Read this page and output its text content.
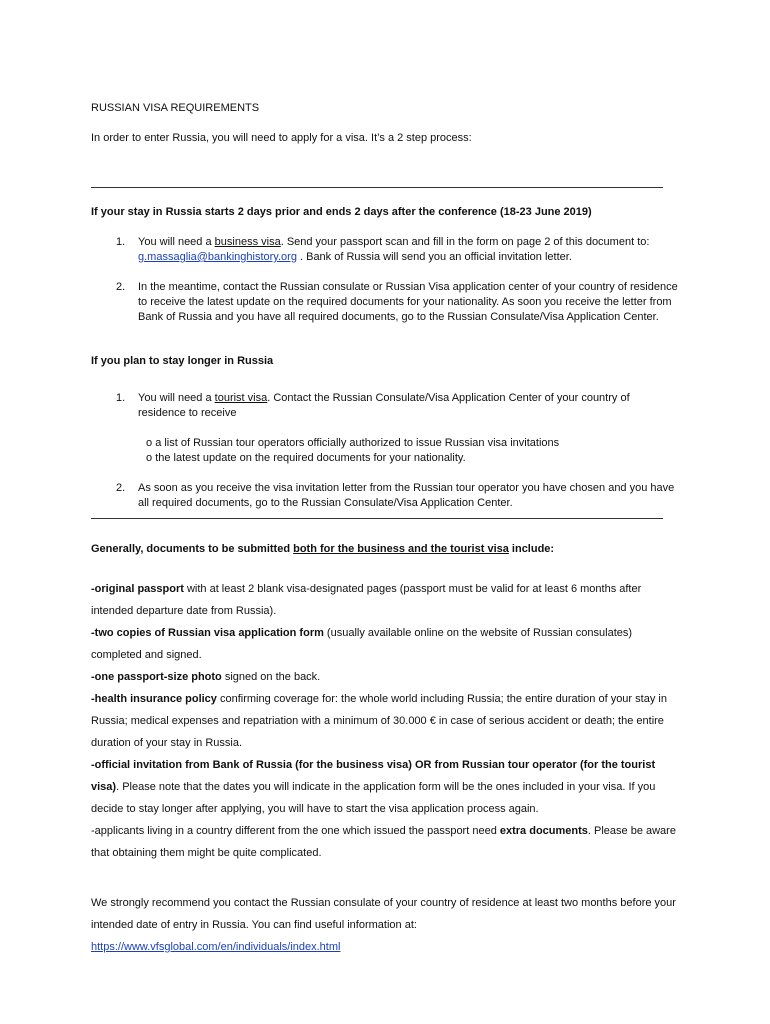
RUSSIAN VISA REQUIREMENTS
In order to enter Russia, you will need to apply for a visa. It’s a 2 step process:
If your stay in Russia starts 2 days prior and ends 2 days after the conference (18-23 June 2019)
1. You will need a business visa. Send your passport scan and fill in the form on page 2 of this document to: g.massaglia@bankinghistory.org . Bank of Russia will send you an official invitation letter.
2. In the meantime, contact the Russian consulate or Russian Visa application center of your country of residence to receive the latest update on the required documents for your nationality. As soon you receive the letter from Bank of Russia and you have all required documents, go to the Russian Consulate/Visa Application Center.
If you plan to stay longer in Russia
1. You will need a tourist visa. Contact the Russian Consulate/Visa Application Center of your country of residence to receive
o a list of Russian tour operators officially authorized to issue Russian visa invitations
o the latest update on the required documents for your nationality.
2. As soon as you receive the visa invitation letter from the Russian tour operator you have chosen and you have all required documents, go to the Russian Consulate/Visa Application Center.
Generally, documents to be submitted both for the business and the tourist visa include:
-original passport with at least 2 blank visa-designated pages (passport must be valid for at least 6 months after intended departure date from Russia).
-two copies of Russian visa application form (usually available online on the website of Russian consulates) completed and signed.
-one passport-size photo signed on the back.
-health insurance policy confirming coverage for: the whole world including Russia; the entire duration of your stay in Russia; medical expenses and repatriation with a minimum of 30.000 € in case of serious accident or death; the entire duration of your stay in Russia.
-official invitation from Bank of Russia (for the business visa) OR from Russian tour operator (for the tourist visa). Please note that the dates you will indicate in the application form will be the ones included in your visa. If you decide to stay longer after applying, you will have to start the visa application process again.
-applicants living in a country different from the one which issued the passport need extra documents. Please be aware that obtaining them might be quite complicated.
We strongly recommend you contact the Russian consulate of your country of residence at least two months before your intended date of entry in Russia. You can find useful information at:
https://www.vfsglobal.com/en/individuals/index.html
